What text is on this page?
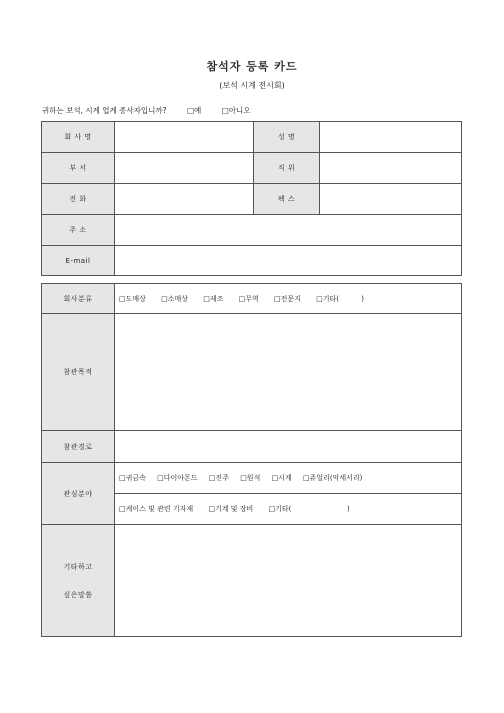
참석자 등록 카드
(보석 시계 전시회)
귀하는 보석, 시계 업계 종사자입니까?	□예	□아니오
회 사 명		성 명	
부 서		직 위	
전 화		팩 스	
주 소			
E-mail			
회사분류	□도매상 □소매상 □제조 □무역 □전문지 □기타(          )
참관목적	
참관경로	
관심분야	□귀금속 □다이아몬드 □진주 □원석 □시계 □쥬얼리(악세서리)
	□케이스 및 관련 기자재 □기계 및 장비 □기타(                         )

기타하고
싶은말씀	
